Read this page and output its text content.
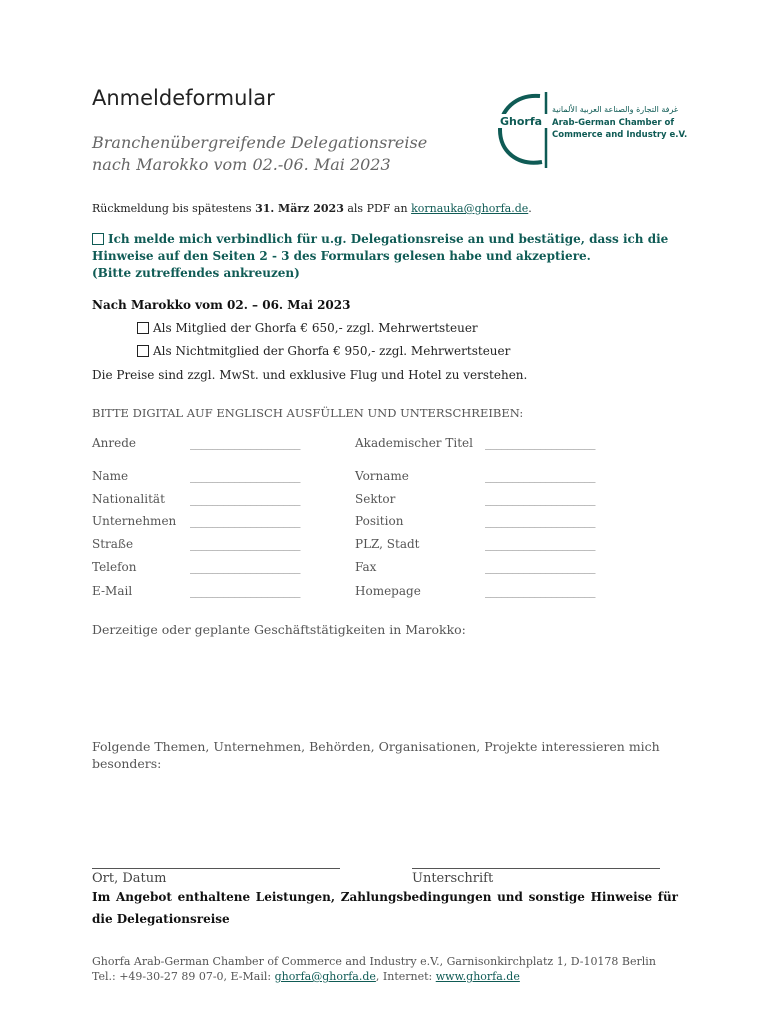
Anmeldeformular
Branchenübergreifende Delegationsreise
nach Marokko vom 02.-06. Mai 2023
Ghorfa
غرفة التجارة والصناعة العربية الألمانية
Arab-German Chamber of
Commerce and Industry e.V.
Rückmeldung bis spätestens 31. März 2023 als PDF an kornauka@ghorfa.de.
Ich melde mich verbindlich für u.g. Delegationsreise an und bestätige, dass ich die
Hinweise auf den Seiten 2 - 3 des Formulars gelesen habe und akzeptiere.
(Bitte zutreffendes ankreuzen)
Nach Marokko vom 02. – 06. Mai 2023
Als Mitglied der Ghorfa € 650,- zzgl. Mehrwertsteuer
Als Nichtmitglied der Ghorfa € 950,- zzgl. Mehrwertsteuer
Die Preise sind zzgl. MwSt. und exklusive Flug und Hotel zu verstehen.
BITTE DIGITAL AUF ENGLISCH AUSFÜLLEN UND UNTERSCHREIBEN:
Anrede	____________________	Akademischer Titel ____________________
Name	____________________	Vorname	____________________
Nationalität ____________________	Sektor	____________________
Unternehmen ____________________	Position	____________________
Straße	____________________	PLZ, Stadt	____________________
Telefon	____________________	Fax	____________________
E-Mail	____________________	Homepage	____________________
Derzeitige oder geplante Geschäftstätigkeiten in Marokko:
Folgende Themen, Unternehmen, Behörden, Organisationen, Projekte interessieren mich
besonders:
Ort, Datum	Unterschrift
Im Angebot enthaltene Leistungen, Zahlungsbedingungen und sonstige Hinweise für die Delegationsreise
Ghorfa Arab-German Chamber of Commerce and Industry e.V., Garnisonkirchplatz 1, D-10178 Berlin
Tel.: +49-30-27 89 07-0, E-Mail: ghorfa@ghorfa.de, Internet: www.ghorfa.de
